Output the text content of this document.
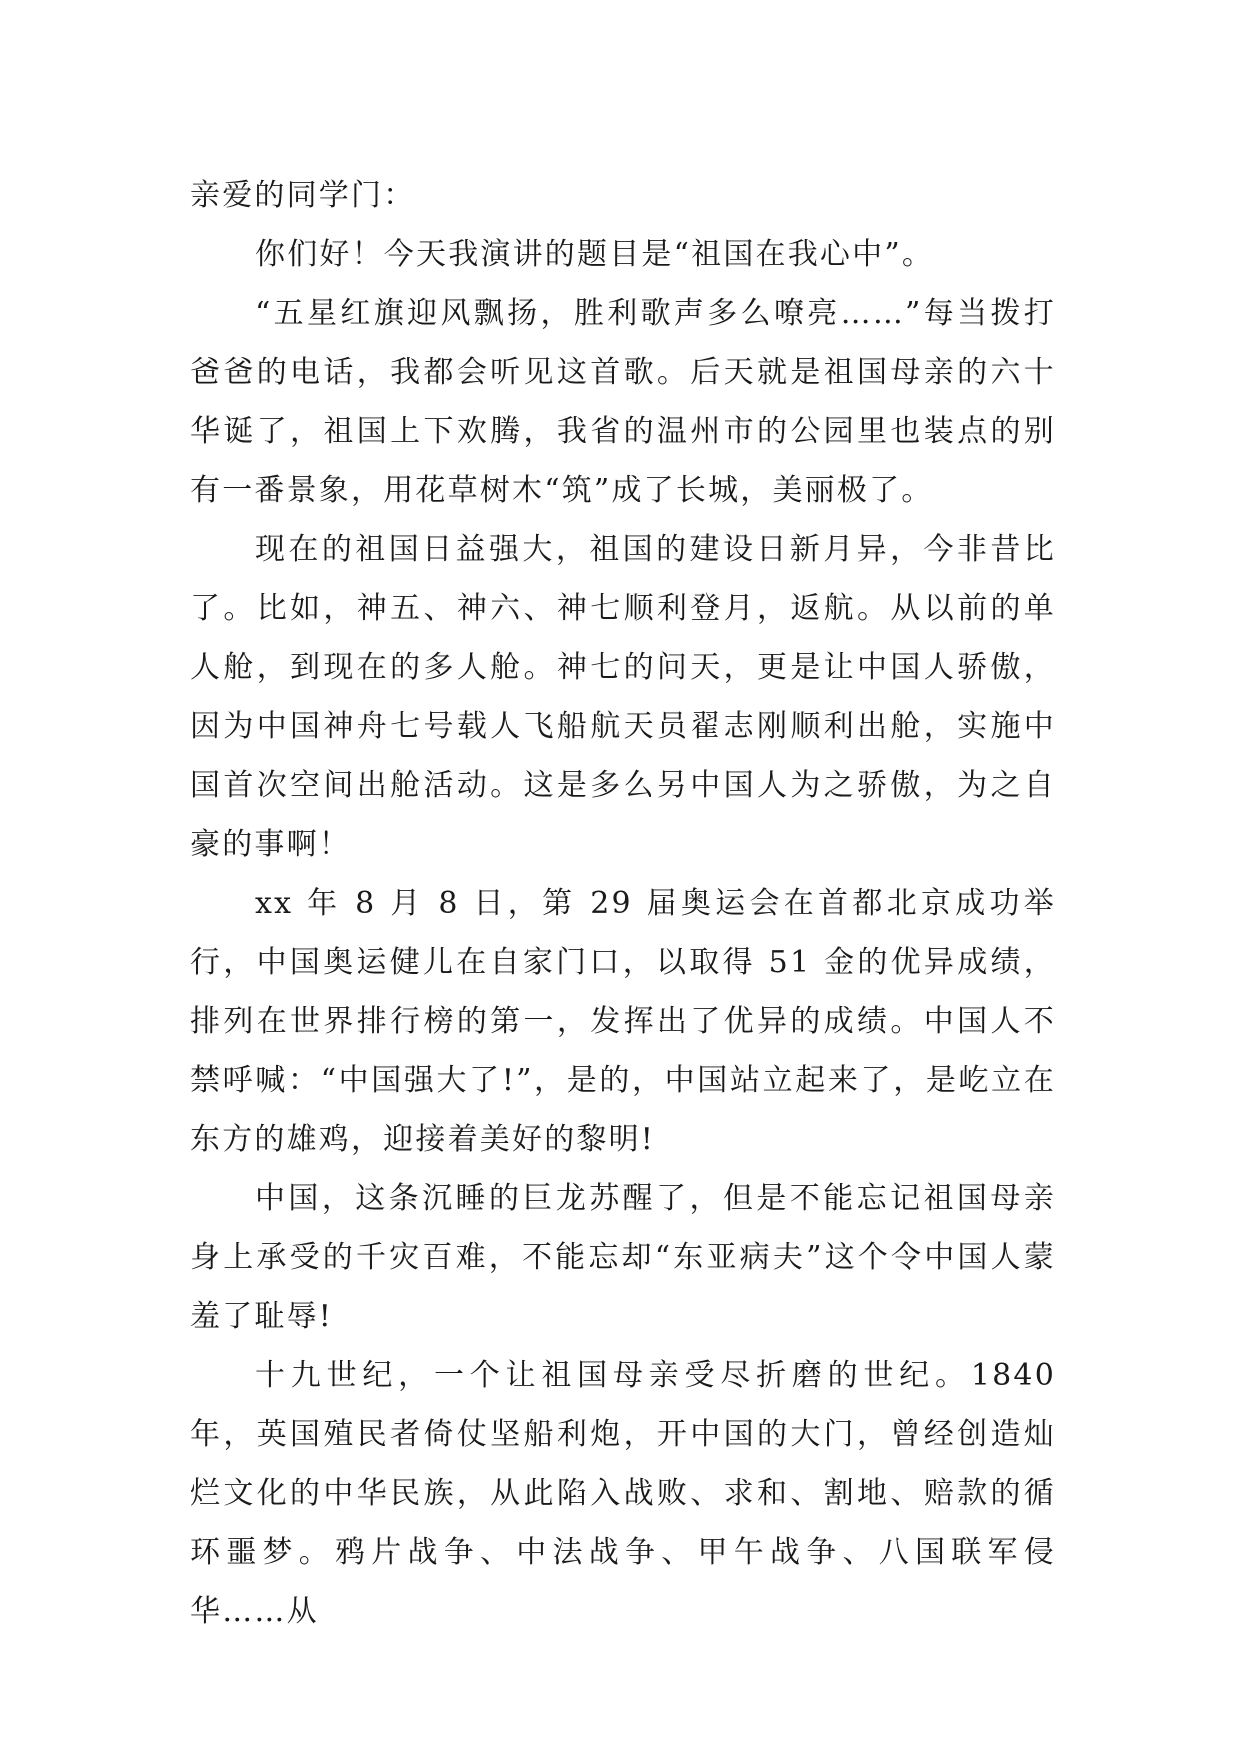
亲爱的同学门：

你们好！今天我演讲的题目是“祖国在我心中”。

“五星红旗迎风飘扬，胜利歌声多么嘹亮……”每当拨打爸爸的电话，我都会听见这首歌。后天就是祖国母亲的六十华诞了，祖国上下欢腾，我省的温州市的公园里也装点的别有一番景象，用花草树木“筑”成了长城，美丽极了。

现在的祖国日益强大，祖国的建设日新月异，今非昔比了。比如，神五、神六、神七顺利登月，返航。从以前的单人舱，到现在的多人舱。神七的问天，更是让中国人骄傲，因为中国神舟七号载人飞船航天员翟志刚顺利出舱，实施中国首次空间出舱活动。这是多么另中国人为之骄傲，为之自豪的事啊！

xx 年 8 月 8 日，第 29 届奥运会在首都北京成功举行，中国奥运健儿在自家门口，以取得 51 金的优异成绩，排列在世界排行榜的第一，发挥出了优异的成绩。中国人不禁呼喊：“中国强大了!”，是的，中国站立起来了，是屹立在东方的雄鸡，迎接着美好的黎明!

中国，这条沉睡的巨龙苏醒了，但是不能忘记祖国母亲身上承受的千灾百难，不能忘却“东亚病夫”这个令中国人蒙羞了耻辱!

十九世纪，一个让祖国母亲受尽折磨的世纪。1840 年，英国殖民者倚仗坚船利炮，开中国的大门，曾经创造灿烂文化的中华民族，从此陷入战败、求和、割地、赔款的循环噩梦。鸦片战争、中法战争、甲午战争、八国联军侵华……从
